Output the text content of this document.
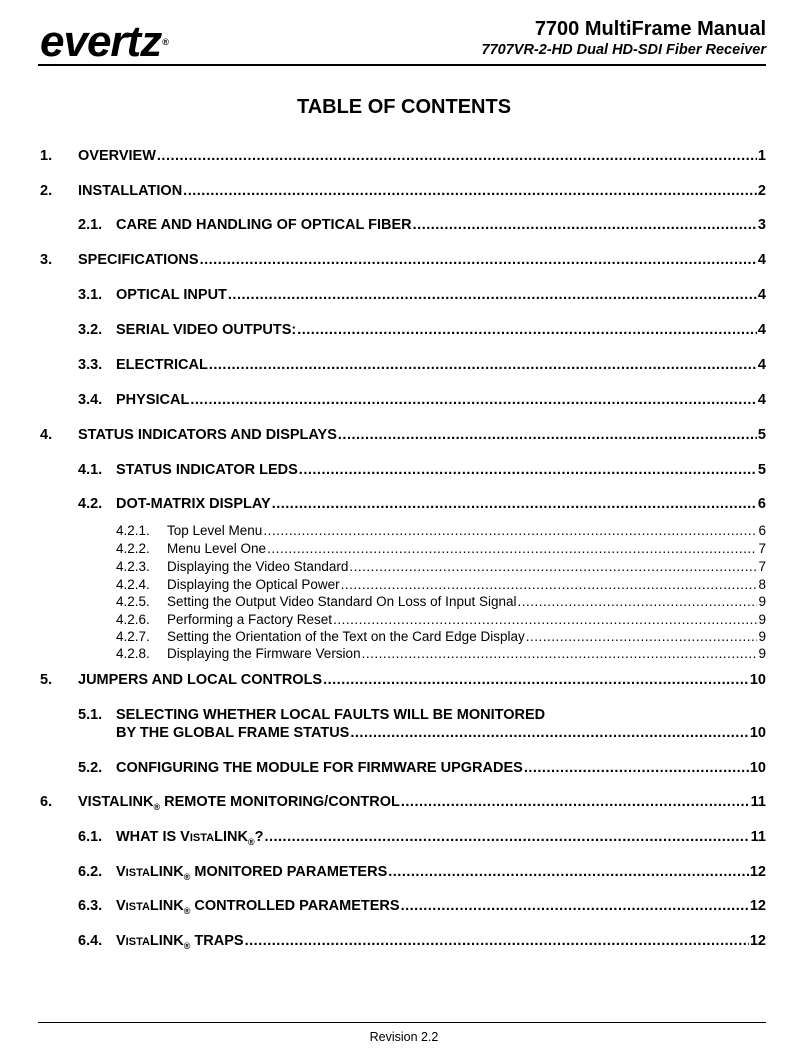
evertz®
7700 MultiFrame Manual
7707VR-2-HD Dual HD-SDI Fiber Receiver
TABLE OF CONTENTS
1.	OVERVIEW .....	1
2.	INSTALLATION .....	2
2.1. CARE AND HANDLING OF OPTICAL FIBER .....	3
3.	SPECIFICATIONS .....	4
3.1. OPTICAL INPUT .....	4
3.2. SERIAL VIDEO OUTPUTS: .....	4
3.3. ELECTRICAL .....	4
3.4. PHYSICAL .....	4
4.	STATUS INDICATORS AND DISPLAYS .....	5
4.1. STATUS INDICATOR LEDS .....	5
4.2. DOT-MATRIX DISPLAY .....	6
4.2.1.	Top Level Menu .....	6
4.2.2.	Menu Level One .....	7
4.2.3.	Displaying the Video Standard .....	7
4.2.4.	Displaying the Optical Power .....	8
4.2.5.	Setting the Output Video Standard On Loss of Input Signal .....	9
4.2.6.	Performing a Factory Reset .....	9
4.2.7.	Setting the Orientation of the Text on the Card Edge Display .....	9
4.2.8.	Displaying the Firmware Version .....	9
5.	JUMPERS AND LOCAL CONTROLS .....	10
5.1. SELECTING WHETHER LOCAL FAULTS WILL BE MONITORED
BY THE GLOBAL FRAME STATUS .....	10
5.2. CONFIGURING THE MODULE FOR FIRMWARE UPGRADES .....	10
6.	$VISTALINK_®$ REMOTE MONITORING/CONTROL .....	11
6.1. WHAT IS $VISTALINK_®$? .....	11
6.2. $VISTALINK_®$ MONITORED PARAMETERS .....	12
6.3. $VISTALINK_®$ CONTROLLED PARAMETERS .....	12
6.4. $VISTALINK_®$ TRAPS .....	12
Revision 2.2
